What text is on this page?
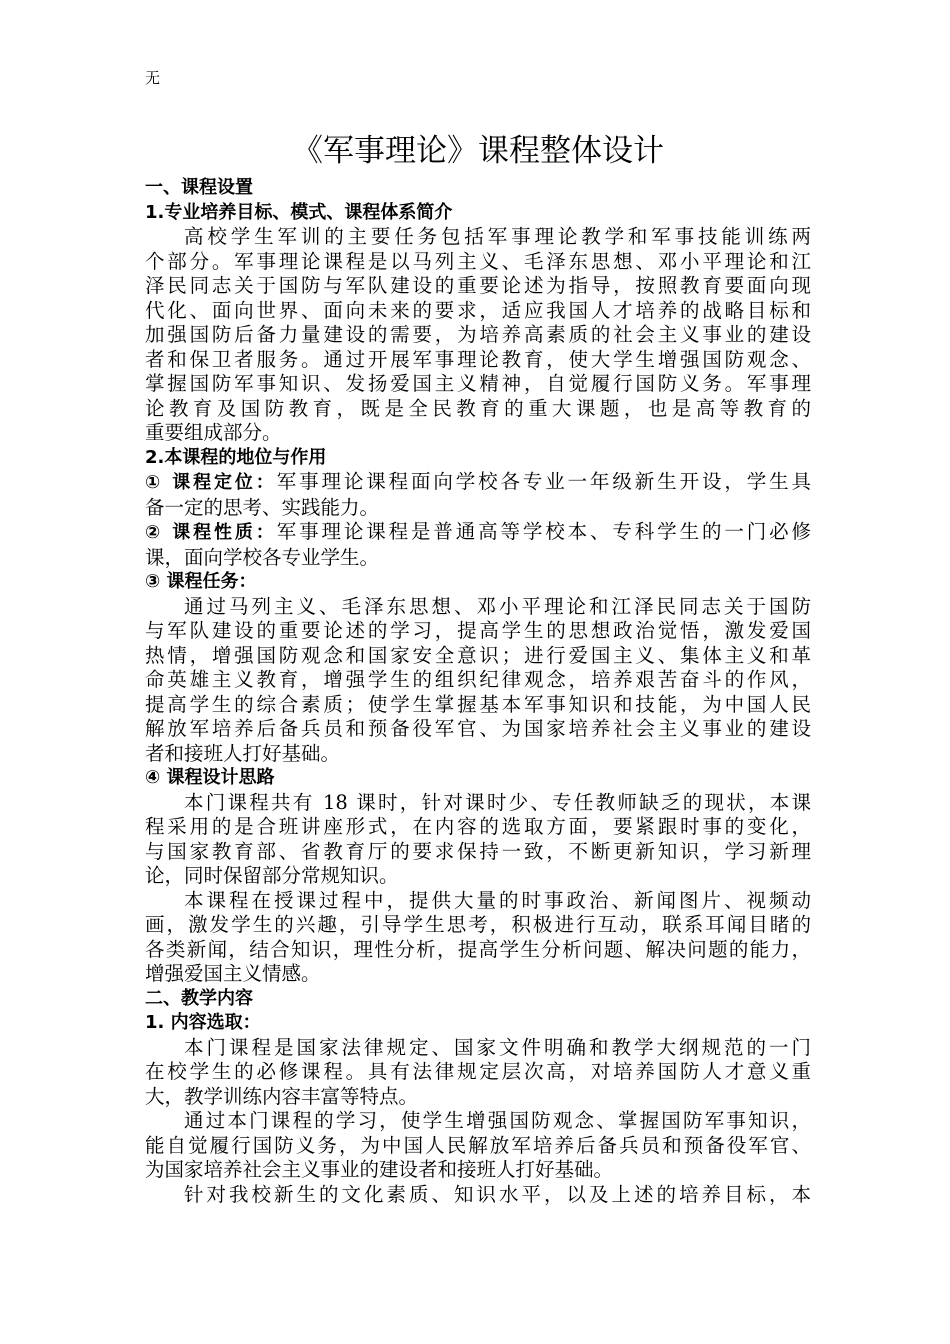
无
《军事理论》课程整体设计

一、课程设置

1.专业培养目标、模式、课程体系简介

高校学生军训的主要任务包括军事理论教学和军事技能训练两

个部分。军事理论课程是以马列主义、毛泽东思想、邓小平理论和江

泽民同志关于国防与军队建设的重要论述为指导，按照教育要面向现

代化、面向世界、面向未来的要求，适应我国人才培养的战略目标和

加强国防后备力量建设的需要，为培养高素质的社会主义事业的建设

者和保卫者服务。通过开展军事理论教育，使大学生增强国防观念、

掌握国防军事知识、发扬爱国主义精神，自觉履行国防义务。军事理

论教育及国防教育，既是全民教育的重大课题，也是高等教育的

重要组成部分。

2.本课程的地位与作用

① 课程定位：军事理论课程面向学校各专业一年级新生开设，学生具

备一定的思考、实践能力。

② 课程性质：军事理论课程是普通高等学校本、专科学生的一门必修

课，面向学校各专业学生。

③ 课程任务：

通过马列主义、毛泽东思想、邓小平理论和江泽民同志关于国防

与军队建设的重要论述的学习，提高学生的思想政治觉悟，激发爱国

热情，增强国防观念和国家安全意识；进行爱国主义、集体主义和革

命英雄主义教育，增强学生的组织纪律观念，培养艰苦奋斗的作风，

提高学生的综合素质；使学生掌握基本军事知识和技能，为中国人民

解放军培养后备兵员和预备役军官、为国家培养社会主义事业的建设

者和接班人打好基础。

④ 课程设计思路

本门课程共有 18 课时，针对课时少、专任教师缺乏的现状，本课

程采用的是合班讲座形式，在内容的选取方面，要紧跟时事的变化，

与国家教育部、省教育厅的要求保持一致，不断更新知识，学习新理

论，同时保留部分常规知识。

本课程在授课过程中，提供大量的时事政治、新闻图片、视频动

画，激发学生的兴趣，引导学生思考，积极进行互动，联系耳闻目睹的

各类新闻，结合知识，理性分析，提高学生分析问题、解决问题的能力，

增强爱国主义情感。

二、教学内容

1. 内容选取：

本门课程是国家法律规定、国家文件明确和教学大纲规范的一门

在校学生的必修课程。具有法律规定层次高，对培养国防人才意义重

大，教学训练内容丰富等特点。

通过本门课程的学习，使学生增强国防观念、掌握国防军事知识，

能自觉履行国防义务，为中国人民解放军培养后备兵员和预备役军官、

为国家培养社会主义事业的建设者和接班人打好基础。

针对我校新生的文化素质、知识水平，以及上述的培养目标，本
